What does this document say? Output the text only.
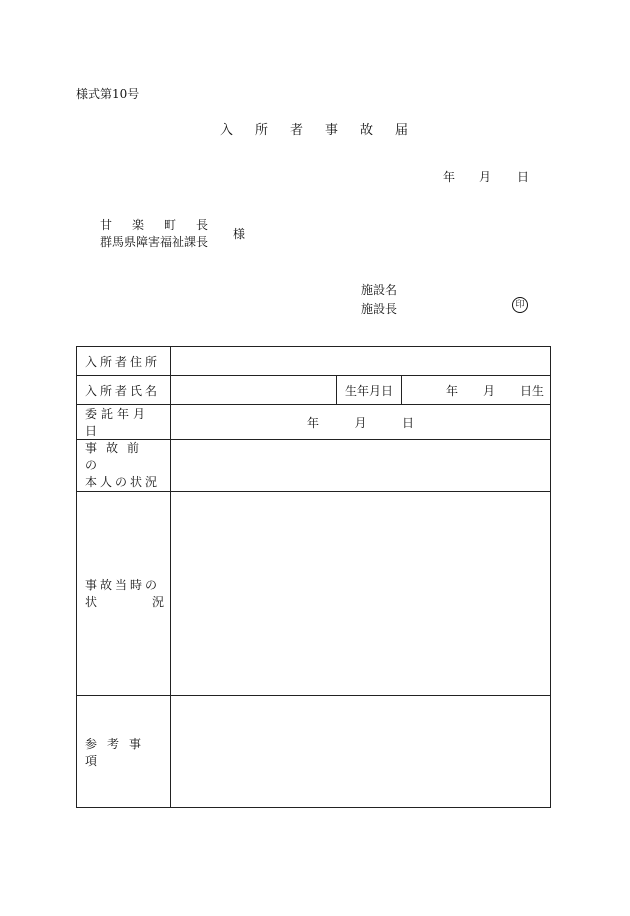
様式第10号
入所者事故届
年 月 日
甘楽町長
群馬県障害福祉課長
様
施設名
施設長	印
入所者住所			

入所者氏名		生年月日	年 月 日生

委託年月日	年 月 日		

事故前の
本人の状況			

事故当時の
状 況			

参考事項			
